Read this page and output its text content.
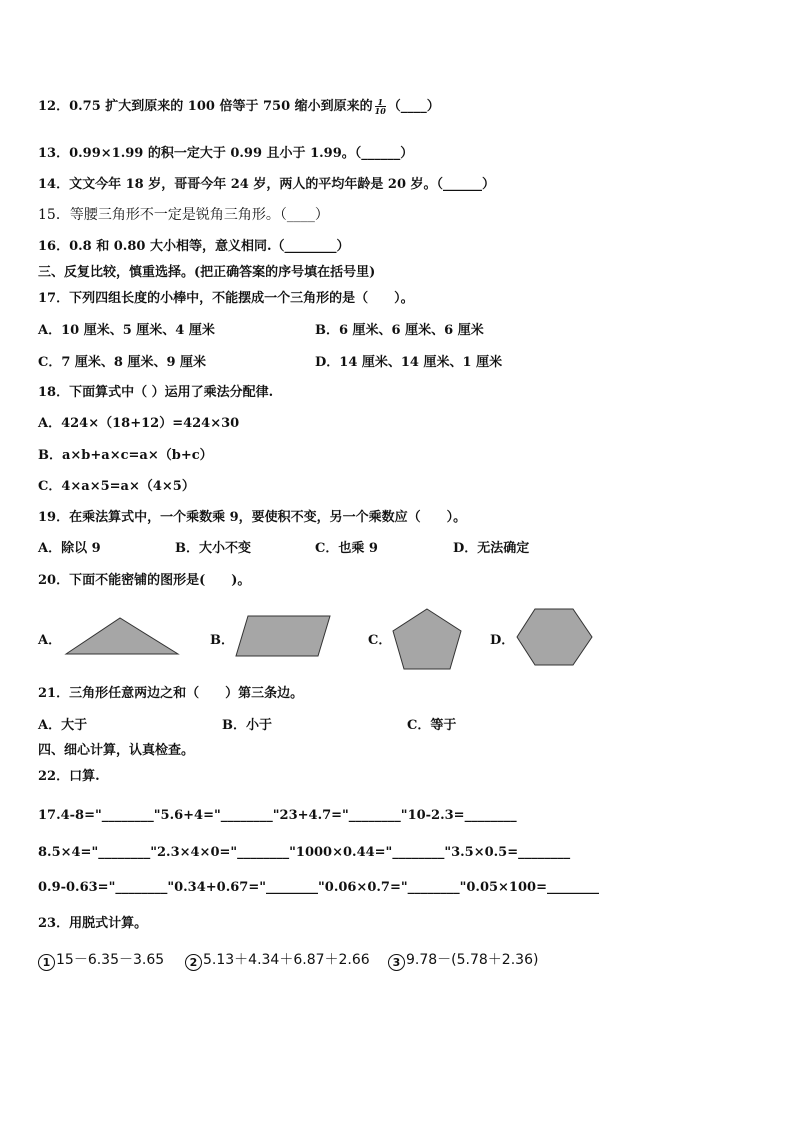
12．0.75 扩大到原来的 100 倍等于 750 缩小到原来的 $\frac{1}{10}$ （____）
13．0.99×1.99 的积一定大于 0.99 且小于 1.99。（______）
14．文文今年 18 岁，哥哥今年 24 岁，两人的平均年龄是 20 岁。（______）
15．等腰三角形不一定是锐角三角形。（____）
16．0.8 和 0.80 大小相等，意义相同.（________）
三、反复比较，慎重选择。(把正确答案的序号填在括号里)
17．下列四组长度的小棒中，不能摆成一个三角形的是（　　）。
A．10 厘米、5 厘米、4 厘米	B．6 厘米、6 厘米、6 厘米
C．7 厘米、8 厘米、9 厘米	D．14 厘米、14 厘米、1 厘米
18．下面算式中（ ）运用了乘法分配律.
A．424×（18+12）=424×30
B．a×b+a×c=a×（b+c）
C．4×a×5=a×（4×5）
19．在乘法算式中，一个乘数乘 9，要使积不变，另一个乘数应（　　）。
A．除以 9	B．大小不变	C．也乘 9	D．无法确定
20．下面不能密铺的图形是(　　)。
A．	B．	C．	D．
21．三角形任意两边之和（　　）第三条边。
A．大于	B．小于	C．等于
四、细心计算，认真检查。
22．口算.
17.4-8="________"5.6+4="________"23+4.7="________"10-2.3=________
8.5×4="________"2.3×4×0="________"1000×0.44="________"3.5×0.5=________
0.9-0.63="________"0.34+0.67="________"0.06×0.7="________"0.05×100=________
23．用脱式计算。
1 15－6.35－3.65	2 5.13＋4.34＋6.87＋2.66	3 9.78－(5.78＋2.36)
